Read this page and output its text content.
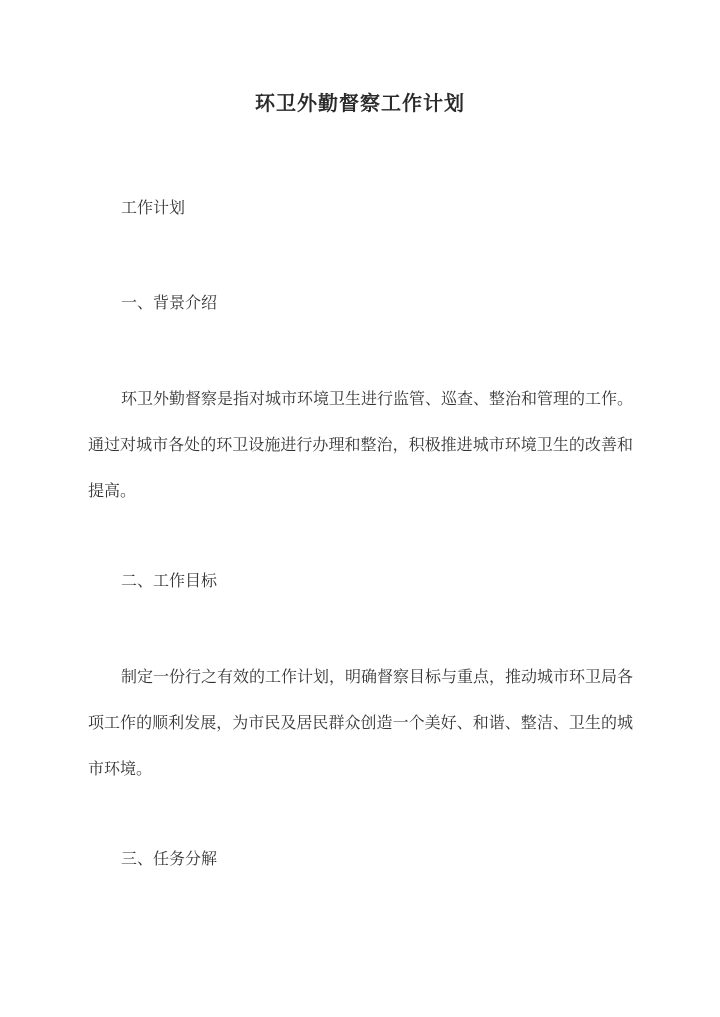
环卫外勤督察工作计划
工作计划
一、背景介绍

环卫外勤督察是指对城市环境卫生进行监管、巡查、整治和管理的工作。通过对城市各处的环卫设施进行办理和整治，积极推进城市环境卫生的改善和提高。

二、工作目标

制定一份行之有效的工作计划，明确督察目标与重点，推动城市环卫局各项工作的顺利发展，为市民及居民群众创造一个美好、和谐、整洁、卫生的城市环境。

三、任务分解
